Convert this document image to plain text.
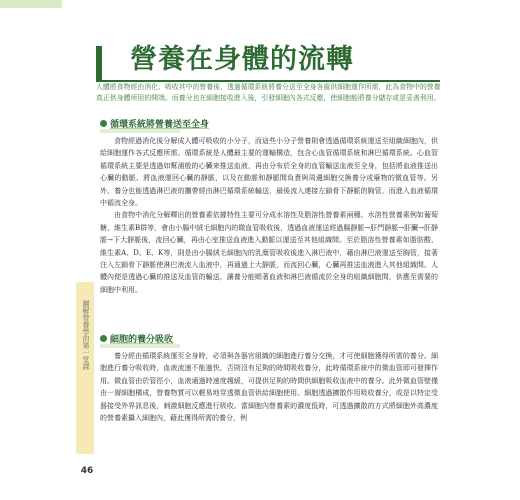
營養在身體的流轉
人體將食物經由消化、吸收其中的營養後，透過循環系統將養分送至全身各處供細胞運作所需，此為食物中的營養真正供身體所用的開端。而養分也在細胞接收進入後，引發細胞內各式反應，使細胞能將養分儲存或是妥善利用。
循環系統將營養送至全身

食物經過消化後分解成人體可吸收的小分子，而這些小分子營養則會透過循環系統運送至組織細胞內，供給細胞運作各式反應所需。循環系統是人體最主要的運輸構造，包含心血管循環系統和淋巴循環系統。心血管循環系統主要是透過如幫浦般的心臟來推送血液，再由分布於全身的血管輸送血液至全身，包括將血液推送出心臟的動脈、將血液運回心臟的靜脈，以及在動脈和靜脈間負責與周邊細胞交換養分或廢物的微血管等。另外，養分也能透過淋巴液的攜帶經由淋巴循環系統輸送，最後流入連接左鎖骨下靜脈的胸管，而進入血液循環中循流全身。

由食物中消化分解釋出的營養素依據特性主要可分成水溶性及脂溶性營養素兩種。水溶性營養素例如葡萄糖、維生素B群等，會由小腸中絨毛細胞內的微血管吸收後，透過血液運送經過腸靜脈→肝門靜脈→肝臟→肝靜脈→下大靜脈後，流回心臟，再由心室推送血液進入動脈以運送至其他組織間。至於脂溶性營養素如脂肪酸、維生素A、D、E、K等，則是由小腸絨毛細胞內的乳糜管吸收後進入淋巴液中，藉由淋巴液運送至胸管，接著注入左鎖骨下靜脈使淋巴液流入血液中，再通過上大靜脈，而流回心臟，心臟再推送血液進入其他組織間。人體內便是透過心臟的推送及血管的輸送，讓養分能順著血液和淋巴液循流於全身的組織細胞間，供應至需要的細胞中利用。

細胞的養分吸收

養分經由循環系統運至全身時，必須與各器官組織的細胞進行養分交換，才可使細胞獲得所需的養分。細胞進行養分吸收時，血液流速不能過快，否則沒有足夠的時間吸收養分，此時循環系統中的微血管即可發揮作用。微血管由於管徑小，血液通過時速度趨緩，可提供足夠的時間供細胞吸收血液中的養分。此外微血管壁僅由一層細胞構成，營養物質可以輕易地穿透微血管供給細胞使用。細胞透過擴散作用吸收養分，或是以特定受器接受外界訊息後，刺激細胞反應進行吸收。當細胞內營養素的濃度低時，可透過擴散的方式將細胞外高濃度的營養素攝入細胞內，藉此獲得所需的養分，例

圖解營養學的第一堂課
46
